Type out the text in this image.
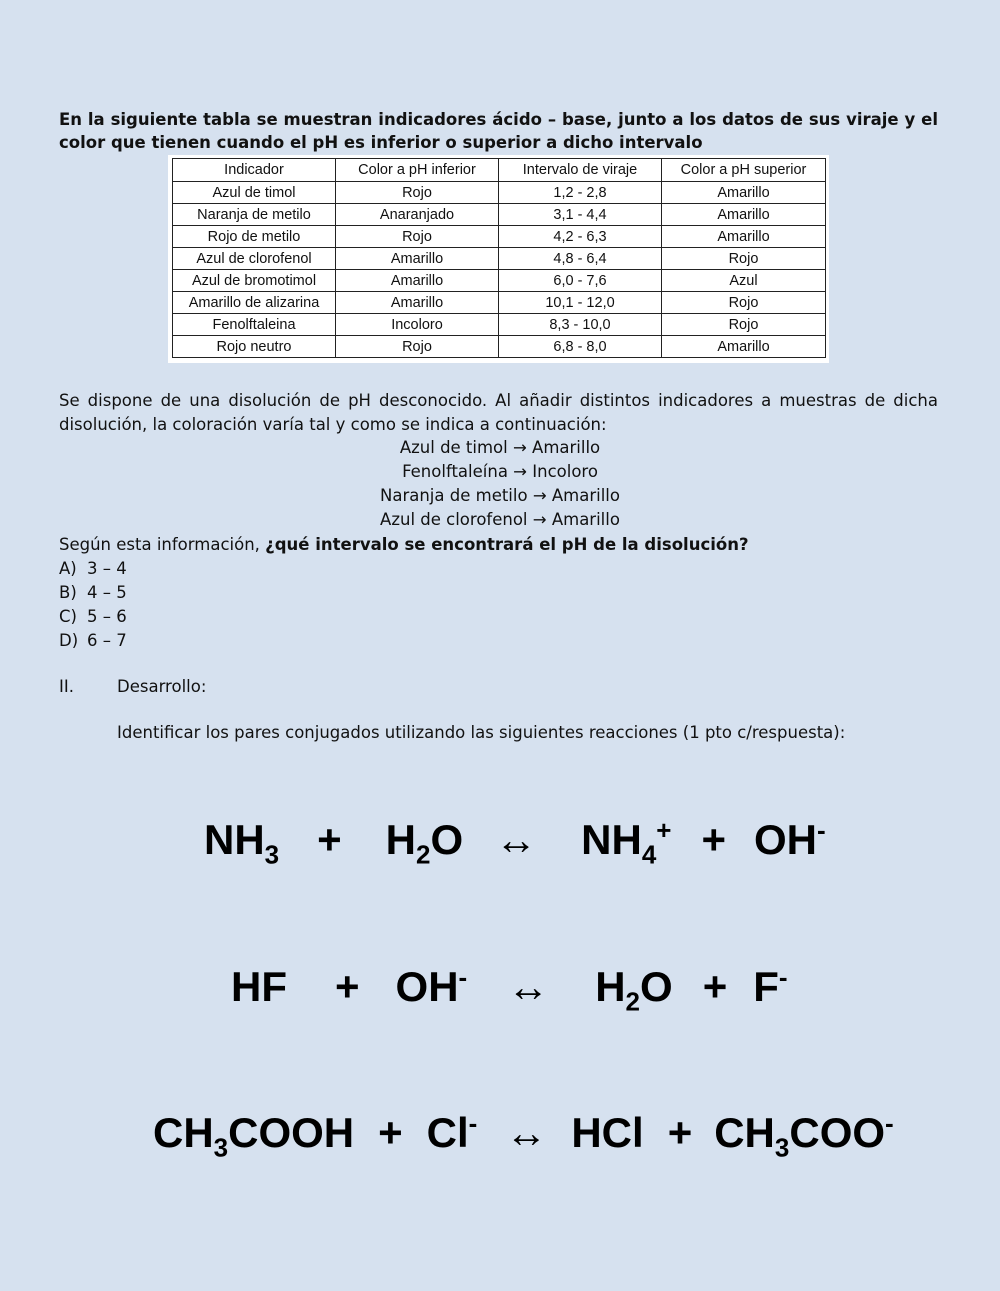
En la siguiente tabla se muestran indicadores ácido – base, junto a los datos de sus viraje y el color que tienen cuando el pH es inferior o superior a dicho intervalo
Indicador	Color a pH inferior	Intervalo de viraje	Color a pH superior
Azul de timol	Rojo	1,2 - 2,8	Amarillo
Naranja de metilo	Anaranjado	3,1 - 4,4	Amarillo
Rojo de metilo	Rojo	4,2 - 6,3	Amarillo
Azul de clorofenol	Amarillo	4,8 - 6,4	Rojo
Azul de bromotimol	Amarillo	6,0 - 7,6	Azul
Amarillo de alizarina	Amarillo	10,1 - 12,0	Rojo
Fenolftaleina	Incoloro	8,3 - 10,0	Rojo
Rojo neutro	Rojo	6,8 - 8,0	Amarillo
Se dispone de una disolución de pH desconocido. Al añadir distintos indicadores a muestras de dicha disolución, la coloración varía tal y como se indica a continuación:
Azul de timol → Amarillo
Fenolftaleína → Incoloro
Naranja de metilo → Amarillo
Azul de clorofenol → Amarillo
Según esta información, ¿qué intervalo se encontrará el pH de la disolución?
A) 3 – 4
B) 4 – 5
C) 5 – 6
D) 6 – 7
II.	Desarrollo:
Identificar los pares conjugados utilizando las siguientes reacciones (1 pto c/respuesta):
$NH_3 + H_2O$ ↔ $NH_4^+ + OH^-$
HF + OH- ↔ $H_2O + F^-$
$CH_3COOH + Cl^-$ ↔ HCl + $CH_3COO^-$
